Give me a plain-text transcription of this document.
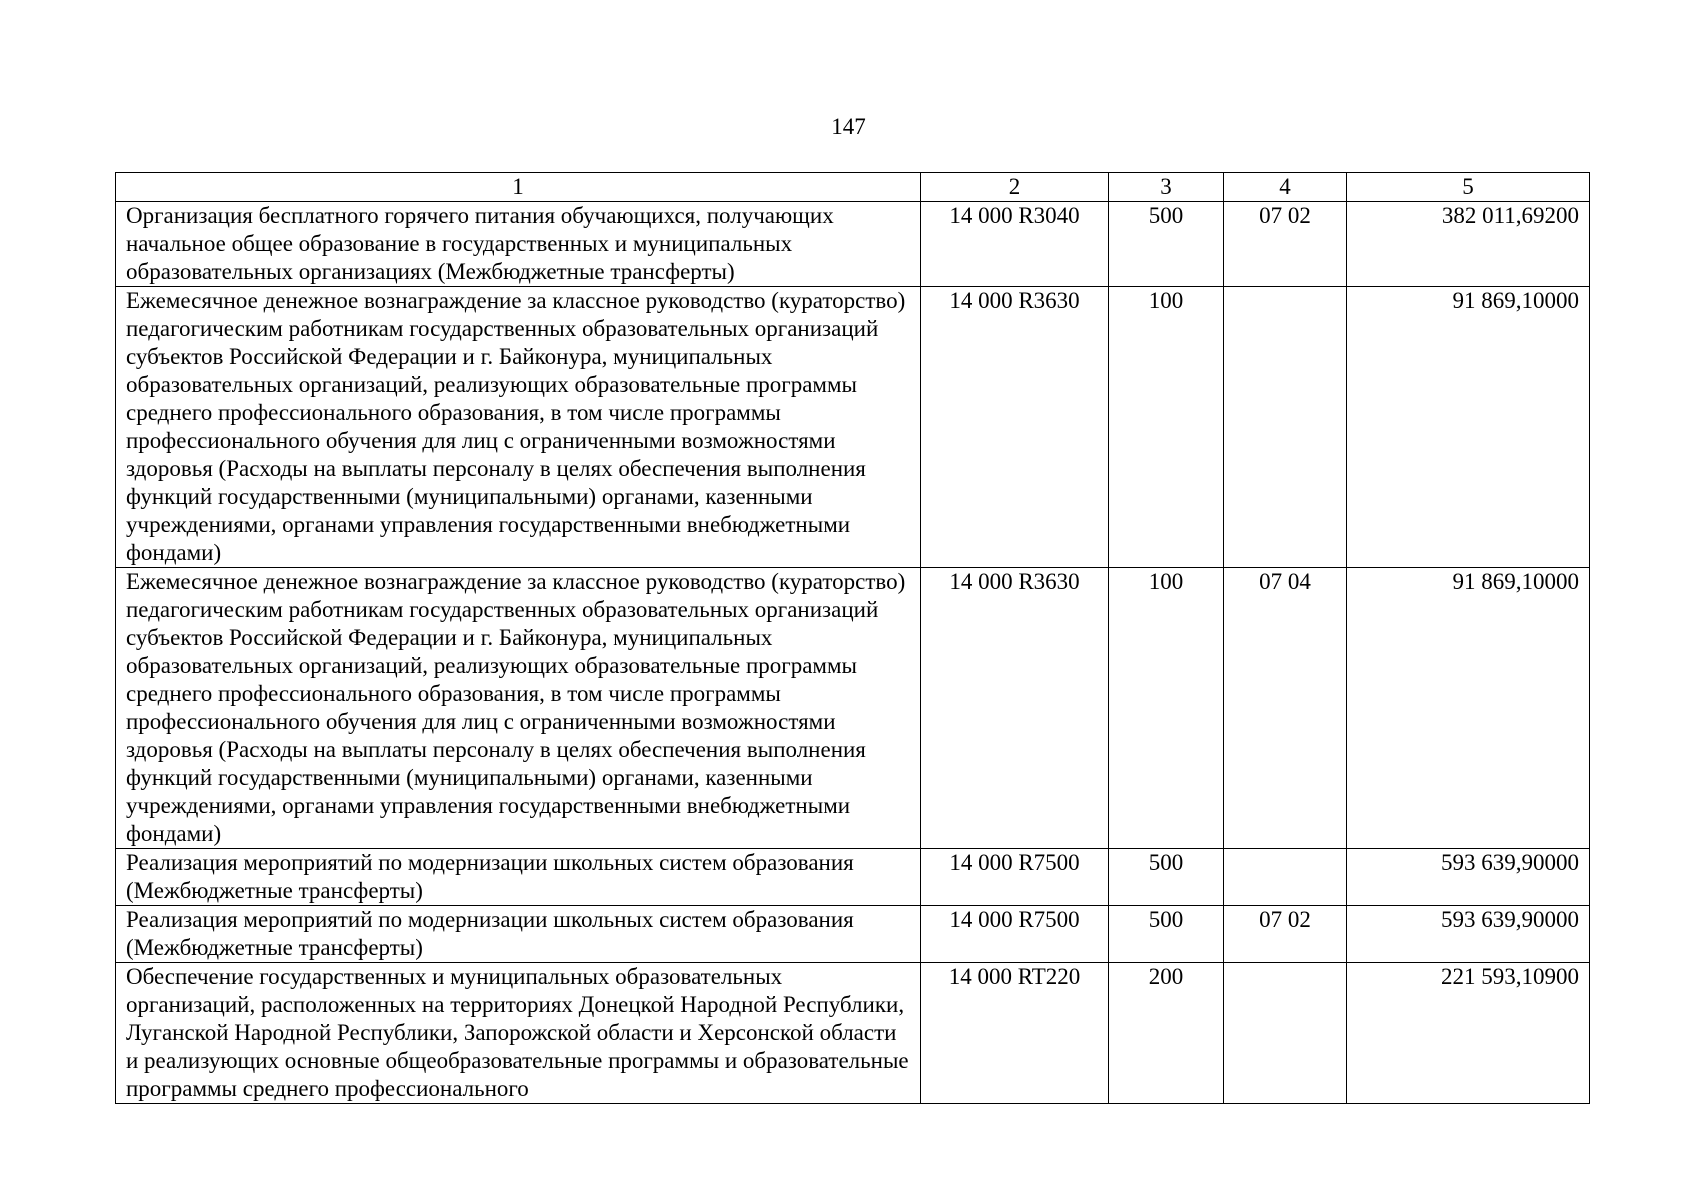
147
1	2	3	4	5

Организация бесплатного горячего питания обучающихся, получающих начальное общее образование в государственных и муниципальных образовательных организациях (Межбюджетные трансферты)	14 000 R3040	500	07 02	382 011,69200

Ежемесячное денежное вознаграждение за классное руководство (кураторство) педагогическим работникам государственных образовательных организаций субъектов Российской Федерации и г. Байконура, муниципальных образовательных организаций, реализующих образовательные программы среднего профессионального образования, в том числе программы профессионального обучения для лиц с ограниченными возможностями здоровья (Расходы на выплаты персоналу в целях обеспечения выполнения функций государственными (муниципальными) органами, казенными учреждениями, органами управления государственными внебюджетными фондами)	14 000 R3630	100		91 869,10000

Ежемесячное денежное вознаграждение за классное руководство (кураторство) педагогическим работникам государственных образовательных организаций субъектов Российской Федерации и г. Байконура, муниципальных образовательных организаций, реализующих образовательные программы среднего профессионального образования, в том числе программы профессионального обучения для лиц с ограниченными возможностями здоровья (Расходы на выплаты персоналу в целях обеспечения выполнения функций государственными (муниципальными) органами, казенными учреждениями, органами управления государственными внебюджетными фондами)	14 000 R3630	100	07 04	91 869,10000

Реализация мероприятий по модернизации школьных систем образования (Межбюджетные трансферты)	14 000 R7500	500		593 639,90000

Реализация мероприятий по модернизации школьных систем образования (Межбюджетные трансферты)	14 000 R7500	500	07 02	593 639,90000

Обеспечение государственных и муниципальных образовательных организаций, расположенных на территориях Донецкой Народной Республики, Луганской Народной Республики, Запорожской области и Херсонской области и реализующих основные общеобразовательные программы и образовательные программы среднего профессионального	14 000 RT220	200		221 593,10900
